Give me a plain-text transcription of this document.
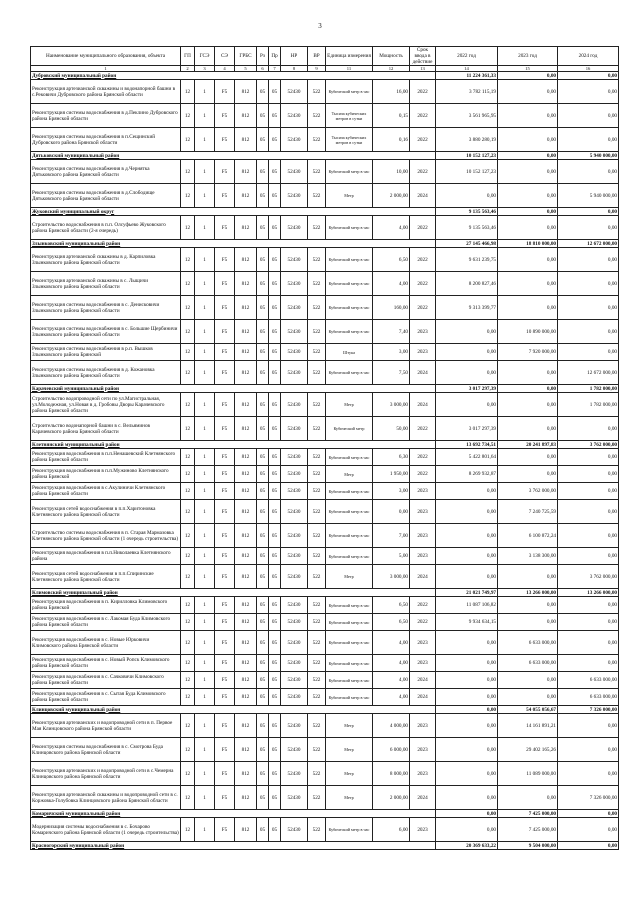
3
Наименование муниципального образования, объекта	ГП	ГСЭ	СЭ	ГРБС	Рз	Пр	НР	ВР	Единица измерения	Мощность	Срок ввода в действие	2022 год	2023 год	2024 год
1	2	3	4	5	6	7	8	9	11	12	13	14	15	16
Дубровский муниципальный район												11 224 361,33	0,00	0,00
Реконструкция артезианской скважины и водонапорной башни в с.Рековичи Дубровского района Брянской области	12	1	F5	812	05	05	52430	522	Кубический метр в час	16,00	2022	3 782 115,19	0,00	0,00
Реконструкция системы водоснабжения в д.Пеклино Дубровского района Брянской области	12	1	F5	812	05	05	52430	522	Тысяча кубических метров в сутки	0,15	2022	3 561 965,95	0,00	0,00
Реконструкция системы водоснабжения в п.Сещинский Дубровского района Брянской области	12	1	F5	812	05	05	52430	522	Тысяча кубических метров в сутки	0,16	2022	3 880 280,19	0,00	0,00
Дятьковский муниципальный район												10 152 127,23	0,00	5 940 000,00
Реконструкция системы водоснабжения в д.Чернятка Дятьковского района Брянской области	12	1	F5	812	05	05	52430	522	Кубический метр в час	10,00	2022	10 152 127,23	0,00	0,00
Реконструкция системы водоснабжения в д.Слободище Дятьковского района Брянской области	12	1	F5	812	05	05	52430	522	Метр	2 000,00	2024	0,00	0,00	5 940 000,00
Жуковский муниципальный округ												9 135 563,46	0,00	0,00
Строительство водоснабжения в п.п. Олсуфьево Жуковского района Брянской области (2-я очередь)	12	1	F5	812	05	05	52430	522	Кубический метр в час	4,00	2022	9 135 563,46	0,00	0,00
Злынковский муниципальный район												27 145 466,98	18 810 000,00	12 672 000,00
Реконструкция артезианской скважины в д. Карпиловка Злынковского района Брянской области	12	1	F5	812	05	05	52430	522	Кубический метр в час	6,50	2022	9 631 239,75	0,00	0,00
Реконструкция артезианской скважины в с. Лыщичи Злынковского района Брянской области	12	1	F5	812	05	05	52430	522	Кубический метр в час	4,00	2022	8 200 827,46	0,00	0,00
Реконструкция системы водоснабжения в с. Денисковичи Злынковского района Брянской области	12	1	F5	812	05	05	52430	522	Кубический метр в час	160,00	2022	9 313 399,77	0,00	0,00
Реконструкция системы водоснабжения в с. Большие Щербиничи Злынковского района Брянской области	12	1	F5	812	05	05	52430	522	Кубический метр в час	7,40	2023	0,00	10 890 000,00	0,00
Реконструкция системы водоснабжения в р.п. Вышков Злынковского района Брянской	12	1	F5	812	05	05	52430	522	Штука	3,00	2023	0,00	7 920 000,00	0,00
Реконструкция системы водоснабжения в д. Кожановка Злынковского района Брянской области	12	1	F5	812	05	05	52430	522	Кубический метр в час	7,50	2024	0,00	0,00	12 672 000,00
Карачевский муниципальный район												3 017 297,39	0,00	1 782 000,00
Строительство водопроводной сети по ул.Магистральная, ул.Молодежная, ул.Новая в д. Гробовы Дворы Карачевского района Брянской области	12	1	F5	812	05	05	52430	522	Метр	3 000,00	2024	0,00	0,00	1 782 000,00
Строительство водонапорной башни в с. Вельяминов Карачевского района Брянской области	12	1	F5	812	05	05	52430	522	Кубический метр	50,00	2022	3 017 297,39	0,00	0,00
Клетнянский муниципальный район												13 692 734,51	20 241 897,83	3 762 000,00
Реконструкция водоснабжения в п.п.Ненашевский Клетнянского района Брянской области	12	1	F5	812	05	05	52430	522	Кубический метр в час	6,30	2022	5 422 801,64	0,00	0,00
Реконструкция водоснабжения в п.п.Мужиново Клетнянского района Брянской	12	1	F5	812	05	05	52430	522	Метр	1 950,00	2022	8 269 932,87	0,00	0,00
Реконструкция водоснабжения в с.Акулиничи Клетнянского района Брянской области	12	1	F5	812	05	05	52430	522	Кубический метр в час	3,00	2023	0,00	3 762 000,00	0,00
Реконструкция сетей водоснабжения в п.п.Харитоновка Клетнянского района Брянской области	12	1	F5	812	05	05	52430	522	Кубический метр в час	0,00	2023	0,00	7 240 725,59	0,00
Строительство системы водоснабжения в п. Старая Мармазовка Клетнянского района Брянской области (1 очередь строительства)	12	1	F5	812	05	05	52430	522	Кубический метр в час	7,00	2023	0,00	6 100 872,24	0,00
Реконструкция водоснабжения в п.п.Николаевка Клетнянского района	12	1	F5	812	05	05	52430	522	Кубический метр в час	5,00	2023	0,00	3 138 300,00	0,00
Реконструкция сетей водоснабжения в п.п.Спиринские Клетнянского района Брянской области	12	1	F5	812	05	05	52430	522	Метр	3 000,00	2024	0,00	0,00	3 762 000,00
Климовский муниципальный район												21 021 749,97	13 266 000,00	13 266 000,00
Реконструкция водоснабжения в п. Кирилловка Климовского района Брянской	12	1	F5	812	05	05	52430	522	Кубический метр в час	6,50	2022	11 087 106,82	0,00	0,00
Реконструкция водоснабжения в с. Лакомая Буда Климовского района Брянской области	12	1	F5	812	05	05	52430	522	Кубический метр в час	6,50	2022	9 934 634,15	0,00	0,00
Реконструкция водоснабжения в с. Новые Юрковичи Климовского района Брянской области	12	1	F5	812	05	05	52430	522	Кубический метр в час	4,00	2023	0,00	6 633 000,00	0,00
Реконструкция водоснабжения в с. Новый Ропск Климовского района Брянской области	12	1	F5	812	05	05	52430	522	Кубический метр в час	4,00	2023	0,00	6 633 000,00	0,00
Реконструкция водоснабжения в с. Сачковичи Климовского района Брянской области	12	1	F5	812	05	05	52430	522	Кубический метр в час	4,00	2024	0,00	0,00	6 633 000,00
Реконструкция водоснабжения в с. Сытая Буда Климовского района Брянской области	12	1	F5	812	05	05	52430	522	Кубический метр в час	4,00	2024	0,00	0,00	6 633 000,00
Клинцовский муниципальный район												0,00	54 055 056,67	7 326 000,00
Реконструкция артезианских и водопроводной сети в п. Первое Мая Клинцовского района Брянской области	12	1	F5	812	05	05	52430	522	Метр	4 000,00	2023	0,00	14 161 891,21	0,00
Реконструкция системы водоснабжения в с. Смотрова Буда Клинцовского района Брянской области	12	1	F5	812	05	05	52430	522	Метр	6 000,00	2023	0,00	29 402 165,26	0,00
Реконструкция артезианских и водопроводной сети в с.Чемерна Клинцовского района Брянской области	12	1	F5	812	05	05	52430	522	Метр	8 000,00	2023	0,00	11 089 000,00	0,00
Реконструкция артезианской скважины и водопроводной сети в с. Коржовка-Голубовка Клинцовского района Брянской области	12	1	F5	812	05	05	52430	522	Метр	2 000,00	2024	0,00	0,00	7 326 000,00
Комаричский муниципальный район												0,00	7 425 000,00	0,00
Модернизация системы водоснабжения в с. Бочарово Комаричского района Брянской области (1 очередь строительства)	12	1	F5	812	05	05	52430	522	Кубический метр в час	6,00	2023	0,00	7 425 000,00	0,00
Красногорский муниципальный район												20 369 633,22	9 504 000,00	0,00
